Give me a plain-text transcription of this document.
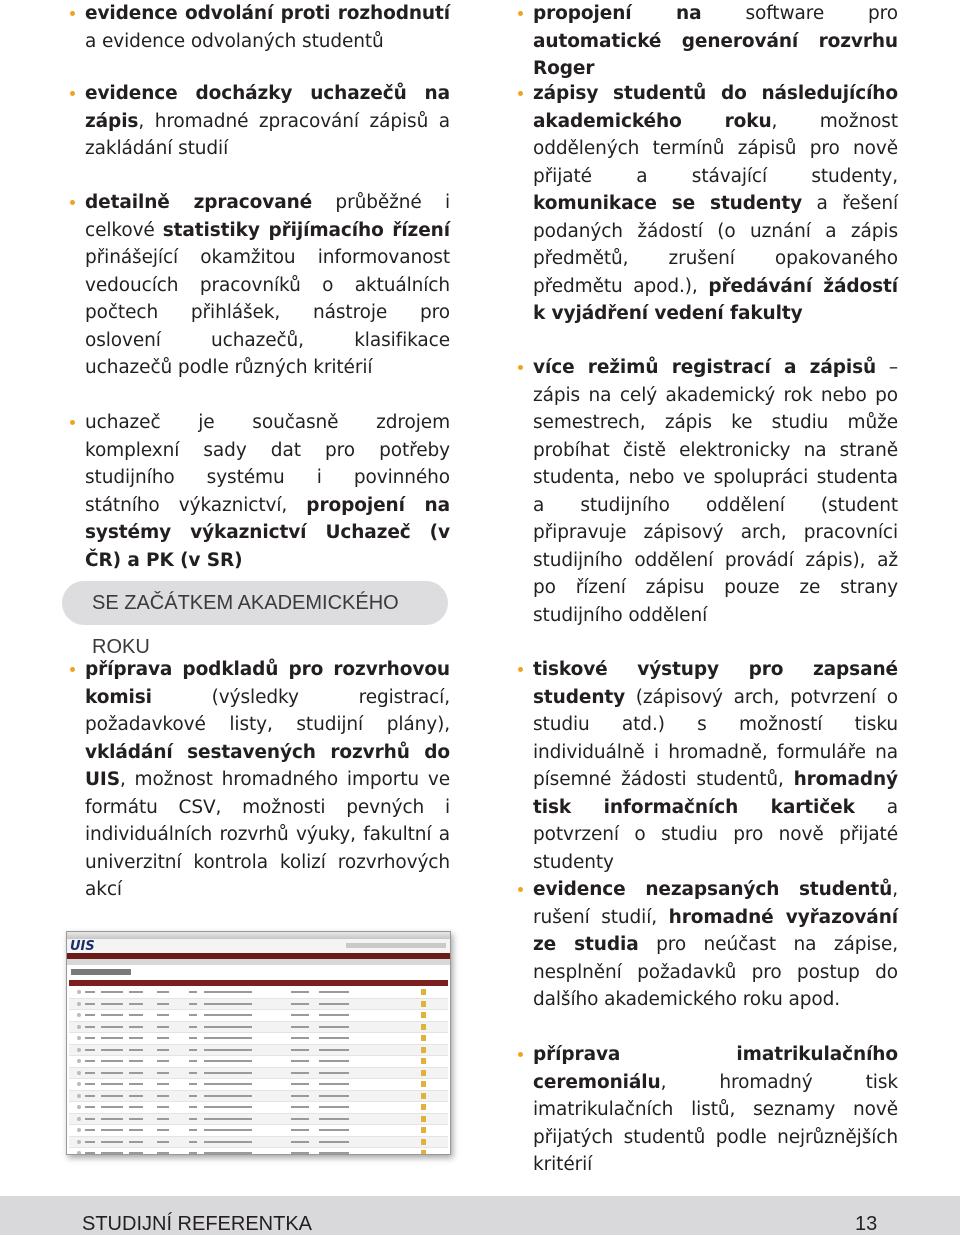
evidence odvolání proti rozhodnutí a evidence odvolaných studentů
evidence docházky uchazečů na zápis, hromadné zpracování zápisů a zakládání studií
detailně zpracované průběžné i celkové statistiky přijímacího řízení přinášející okamžitou informovanost vedoucích pracovníků o aktuálních počtech přihlášek, nástroje pro oslovení uchazečů, klasifikace uchazečů podle různých kritérií
uchazeč je současně zdrojem komplexní sady dat pro potřeby studijního systému i povinného státního výkaznictví, propojení na systémy výkaznictví Uchazeč (v ČR) a PK (v SR)
příprava podkladů pro rozvrhovou komisi (výsledky registrací, požadavkové listy, studijní plány), vkládání sestavených rozvrhů do UIS, možnost hromadného importu ve formátu CSV, možnosti pevných i individuálních rozvrhů výuky, fakultní a univerzitní kontrola kolizí rozvrhových akcí
SE ZAČÁTKEM AKADEMICKÉHO ROKU
propojení na software pro automatické generování rozvrhu Roger
zápisy studentů do následujícího akademického roku, možnost oddělených termínů zápisů pro nově přijaté a stávající studenty, komunikace se studenty a řešení podaných žádostí (o uznání a zápis předmětů, zrušení opakovaného předmětu apod.), předávání žádostí k vyjádření vedení fakulty
více režimů registrací a zápisů – zápis na celý akademický rok nebo po semestrech, zápis ke studiu může probíhat čistě elektronicky na straně studenta, nebo ve spolupráci studenta a studijního oddělení (student připravuje zápisový arch, pracovníci studijního oddělení provádí zápis), až po řízení zápisu pouze ze strany studijního oddělení
tiskové výstupy pro zapsané studenty (zápisový arch, potvrzení o studiu atd.) s možností tisku individuálně i hromadně, formuláře na písemné žádosti studentů, hromadný tisk informačních kartiček a potvrzení o studiu pro nově přijaté studenty
evidence nezapsaných studentů, rušení studií, hromadné vyřazování ze studia pro neúčast na zápise, nesplnění požadavků pro postup do dalšího akademického roku apod.
příprava imatrikulačního ceremoniálu, hromadný tisk imatrikulačních listů, seznamy nově přijatých studentů podle nejrůznějších kritérií
UIS
STUDIJNÍ REFERENTKA	13
